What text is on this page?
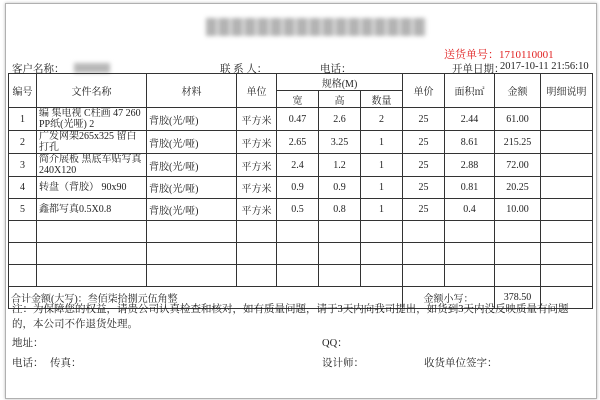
送货单号：1710110001
客户名称：	联 系 人：	电话：	开单日期：
2017-10-11 21:56:10
编号	文件名称	材料	单位	规格(M)			单价	面积㎡	金额	明细说明
				宽	高	数量				
1	编 集电视 C柱画 47 260 PP纸(光哑) 2	背胶(光/哑)	平方米	0.47	2.6	2	25	2.44	61.00	
2	广发网架265x325 留白打孔	背胶(光/哑)	平方米	2.65	3.25	1	25	8.61	215.25	
3	简介展板 黑底车贴写真240X120	背胶(光/哑)	平方米	2.4	1.2	1	25	2.88	72.00	
4	转盘（背胶） 90x90	背胶(光/哑)	平方米	0.9	0.9	1	25	0.81	20.25	
5	鑫都写真0.5X0.8	背胶(光/哑)	平方米	0.5	0.8	1	25	0.4	10.00	

合计金额(大写)：叁佰柒拾捌元伍角整							金额小写：		378.50	
注：为保障您的权益，请贵公司认真检查和核对，如有质量问题，请于3天内向我司提出，如货到3天内没反映质量有问题的，本公司不作退货处理。
地址：	QQ：
电话： 传真：	设计师：	收货单位签字：
